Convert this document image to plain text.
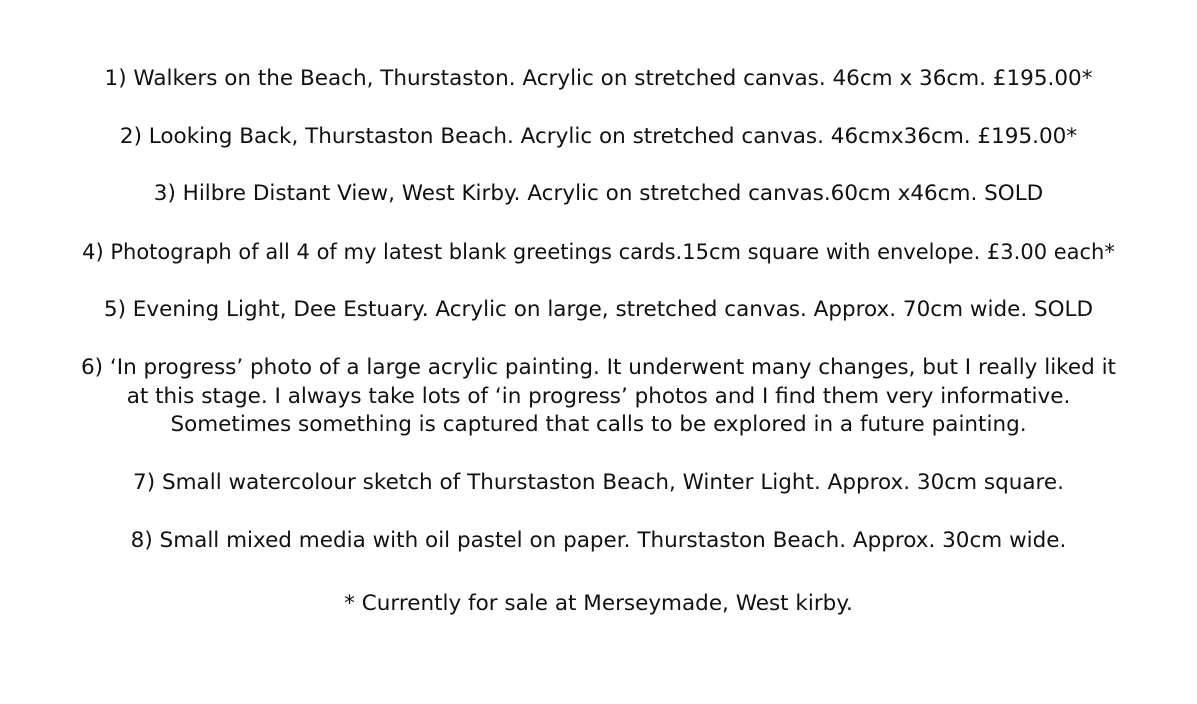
1) Walkers on the Beach, Thurstaston. Acrylic on stretched canvas. 46cm x 36cm. £195.00*
2) Looking Back, Thurstaston Beach. Acrylic on stretched canvas. 46cmx36cm. £195.00*
3) Hilbre Distant View, West Kirby. Acrylic on stretched canvas.60cm x46cm. SOLD
4) Photograph of all 4 of my latest blank greetings cards.15cm square with envelope. £3.00 each*
5) Evening Light, Dee Estuary. Acrylic on large, stretched canvas. Approx. 70cm wide. SOLD
6) ‘In progress’ photo of a large acrylic painting. It underwent many changes, but I really liked it
at this stage. I always take lots of ‘in progress’ photos and I find them very informative.
Sometimes something is captured that calls to be explored in a future painting.
7) Small watercolour sketch of Thurstaston Beach, Winter Light. Approx. 30cm square.
8) Small mixed media with oil pastel on paper. Thurstaston Beach. Approx. 30cm wide.
* Currently for sale at Merseymade, West kirby.
